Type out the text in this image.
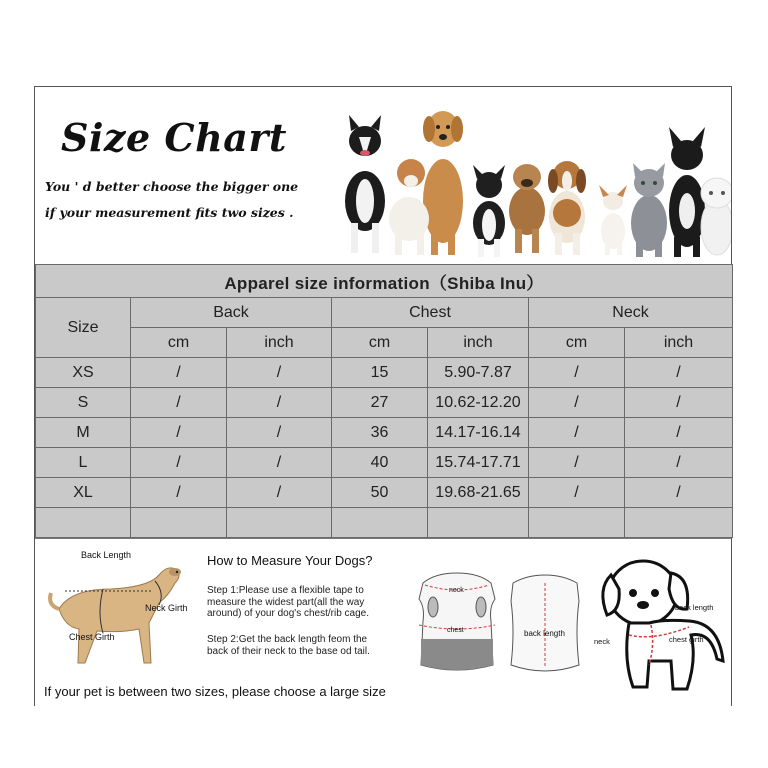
Size Chart
You ' d better choose the bigger one
if your measurement fits two sizes .
Apparel size information（Shiba Inu）						
Size	Back		Chest		Neck	
	cm	inch	cm	inch	cm	inch
XS	/	/	15	5.90-7.87	/	/
S	/	/	27	10.62-12.20	/	/
M	/	/	36	14.17-16.14	/	/
L	/	/	40	15.74-17.71	/	/
XL	/	/	50	19.68-21.65	/	/

Back Length
Neck Girth
Chest Girth
How to Measure Your Dogs?
Step 1:Please use a flexible tape to measure the widest part(all the way around) of your dog's chest/rib cage.
Step 2:Get the back length feom the back of their neck to the base od tail.
neck
chest	back length
back length
neck	chest girth
If your pet is between two sizes, please choose a large size
